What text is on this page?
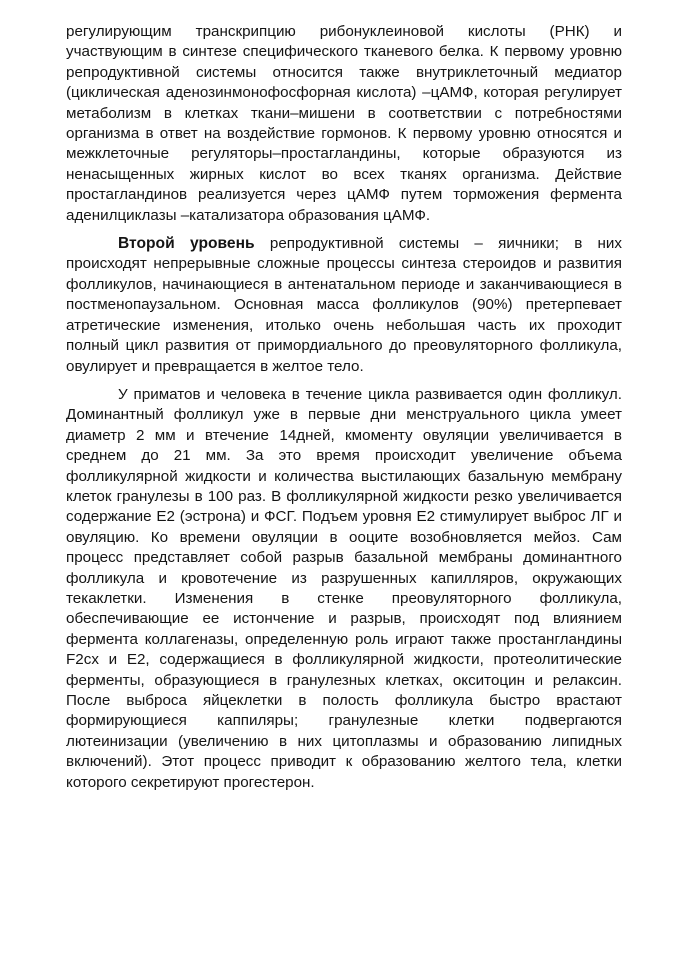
регулирующим транскрипцию рибонуклеиновой кислоты (РНК) и участвующим в синтезе специфического тканевого белка. К первому уровню репродуктивной системы относится также внутриклеточный медиатор (циклическая аденозинмонофосфорная кислота) –цАМФ, которая регулирует метаболизм в клетках ткани–мишени в соответствии с потребностями организма в ответ на воздействие гормонов. К первому уровню относятся и межклеточные регуляторы–простагландины, которые образуются из ненасыщенных жирных кислот во всех тканях организма. Действие простагландинов реализуется через цАМФ путем торможения фермента аденилциклазы –катализатора образования цАМФ.

Второй уровень репродуктивной системы – яичники; в них происходят непрерывные сложные процессы синтеза стероидов и развития фолликулов, начинающиеся в антенатальном периоде и заканчивающиеся в постменопаузальном. Основная масса фолликулов (90%) претерпевает атретические изменения, итолько очень небольшая часть их проходит полный цикл развития от примордиального до преовуляторного фолликула, овулирует и превращается в желтое тело.

У приматов и человека в течение цикла развивается один фолликул. Доминантный фолликул уже в первые дни менструального цикла умеет диаметр 2 мм и втечение 14дней, кмоменту овуляции увеличивается в среднем до 21 мм. За это время происходит увеличение объема фолликулярной жидкости и количества выстилающих базальную мембрану клеток гранулезы в 100 раз. В фолликулярной жидкости резко увеличивается содержание Е2 (эстрона) и ФСГ. Подъем уровня Е2 стимулирует выброс ЛГ и овуляцию. Ко времени овуляции в ооците возобновляется мейоз. Сам процесс представляет собой разрыв базальной мембраны доминантного фолликула и кровотечение из разрушенных капилляров, окружающих текаклетки. Изменения в стенке преовуляторного фолликула, обеспечивающие ее истончение и разрыв, происходят под влиянием фермента коллагеназы, определенную роль играют также простангландины F2cx и Е2, содержащиеся в фолликулярной жидкости, протеолитические ферменты, образующиеся в гранулезных клетках, окситоцин и релаксин. После выброса яйцеклетки в полость фолликула быстро врастают формирующиеся каппиляры; гранулезные клетки подвергаются лютеинизации (увеличению в них цитоплазмы и образованию липидных включений). Этот процесс приводит к образованию желтого тела, клетки которого секретируют прогестерон.
